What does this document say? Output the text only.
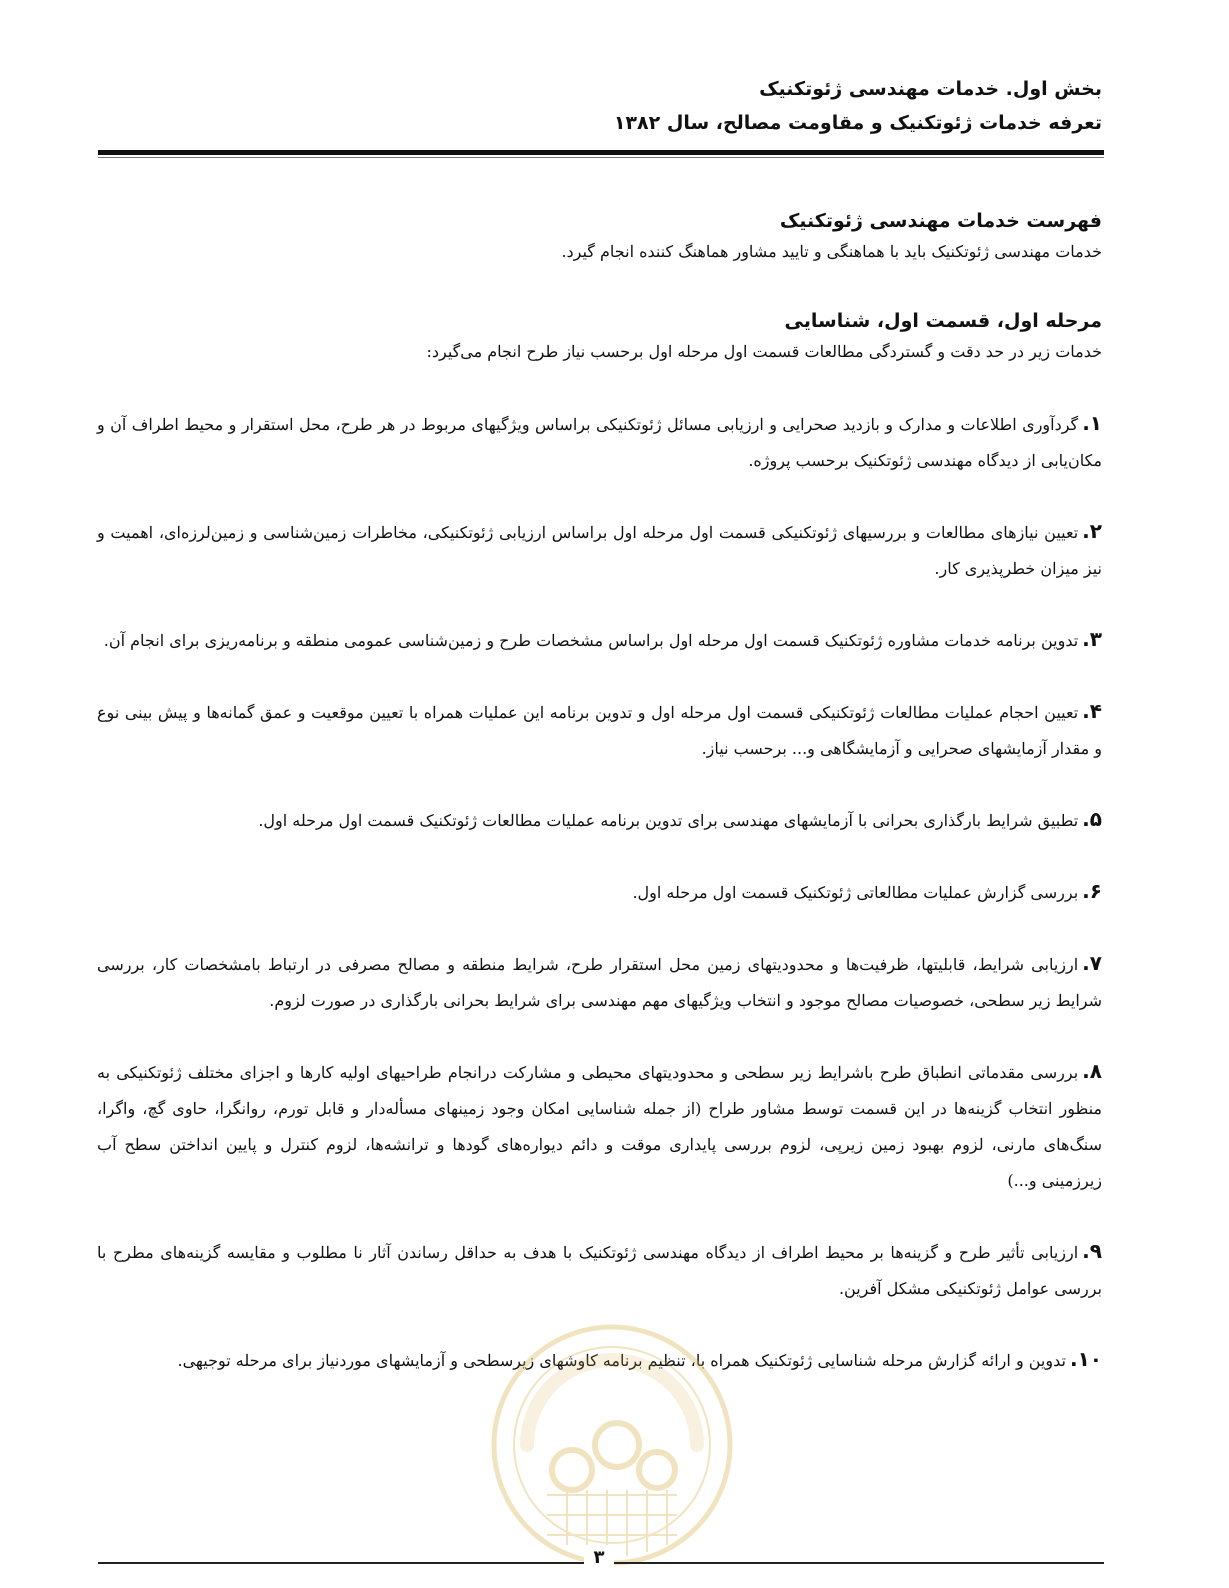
بخش اول. خدمات مهندسی ژئوتکنیک
تعرفه خدمات ژئوتکنیک و مقاومت مصالح، سال ۱۳۸۲

فهرست خدمات مهندسی ژئوتکنیک

خدمات مهندسی ژئوتکنیک باید با هماهنگی و تایید مشاور هماهنگ کننده انجام گیرد.

مرحله اول، قسمت اول، شناسایی

خدمات زیر در حد دقت و گستردگی مطالعات قسمت اول مرحله اول برحسب نیاز طرح انجام می‌گیرد:

۱.گردآوری اطلاعات و مدارک و بازدید صحرایی و ارزیابی مسائل ژئوتکنیکی براساس ویژگیهای مربوط در هر طرح، محل استقرار و محیط اطراف آن و مکان‌یابی از دیدگاه مهندسی ژئوتکنیک برحسب پروژه.

۲.تعیین نیازهای مطالعات و بررسیهای ژئوتکنیکی قسمت اول مرحله اول براساس ارزیابی ژئوتکنیکی، مخاطرات زمین‌شناسی و زمین‌لرزه‌ای، اهمیت و نیز میزان خطرپذیری کار.

۳.تدوین برنامه خدمات مشاوره ژئوتکنیک قسمت اول مرحله اول براساس مشخصات طرح و زمین‌شناسی عمومی منطقه و برنامه‌ریزی برای انجام آن.

۴.تعیین احجام عملیات مطالعات ژئوتکنیکی قسمت اول مرحله اول و تدوین برنامه این عملیات همراه با تعیین موقعیت و عمق گمانه‌ها و پیش بینی نوع و مقدار آزمایشهای صحرایی و آزمایشگاهی و... برحسب نیاز.

۵.تطبیق شرایط بارگذاری بحرانی با آزمایشهای مهندسی برای تدوین برنامه عملیات مطالعات ژئوتکنیک قسمت اول مرحله اول.

۶.بررسی گزارش عملیات مطالعاتی ژئوتکنیک قسمت اول مرحله اول.

۷.ارزیابی شرایط، قابلیتها، ظرفیت‌ها و محدودیتهای زمین محل استقرار طرح، شرایط منطقه و مصالح مصرفی در ارتباط بامشخصات کار، بررسی شرایط زیر سطحی، خصوصیات مصالح موجود و انتخاب ویژگیهای مهم مهندسی برای شرایط بحرانی بارگذاری در صورت لزوم.

۸.بررسی مقدماتی انطباق طرح باشرایط زیر سطحی و محدودیتهای محیطی و مشارکت درانجام طراحیهای اولیه کارها و اجزای مختلف ژئوتکنیکی به منظور انتخاب گزینه‌ها در این قسمت توسط مشاور طراح (از جمله شناسایی امکان وجود زمینهای مسأله‌دار و قابل تورم، روانگرا، حاوی گچ، واگرا، سنگ‌های مارنی، لزوم بهبود زمین زیرپی، لزوم بررسی پایداری موقت و دائم دیواره‌های گودها و ترانشه‌ها، لزوم کنترل و پایین انداختن سطح آب زیرزمینی و...)

۹.ارزیابی تأثیر طرح و گزینه‌ها بر محیط اطراف از دیدگاه مهندسی ژئوتکنیک با هدف به حداقل رساندن آثار نا مطلوب و مقایسه گزینه‌های مطرح با بررسی عوامل ژئوتکنیکی مشکل آفرین.

۱۰.تدوین و ارائه گزارش مرحله شناسایی ژئوتکنیک همراه با، تنظیم برنامه کاوشهای زیرسطحی و آزمایشهای موردنیاز برای مرحله توجیهی.

۳
